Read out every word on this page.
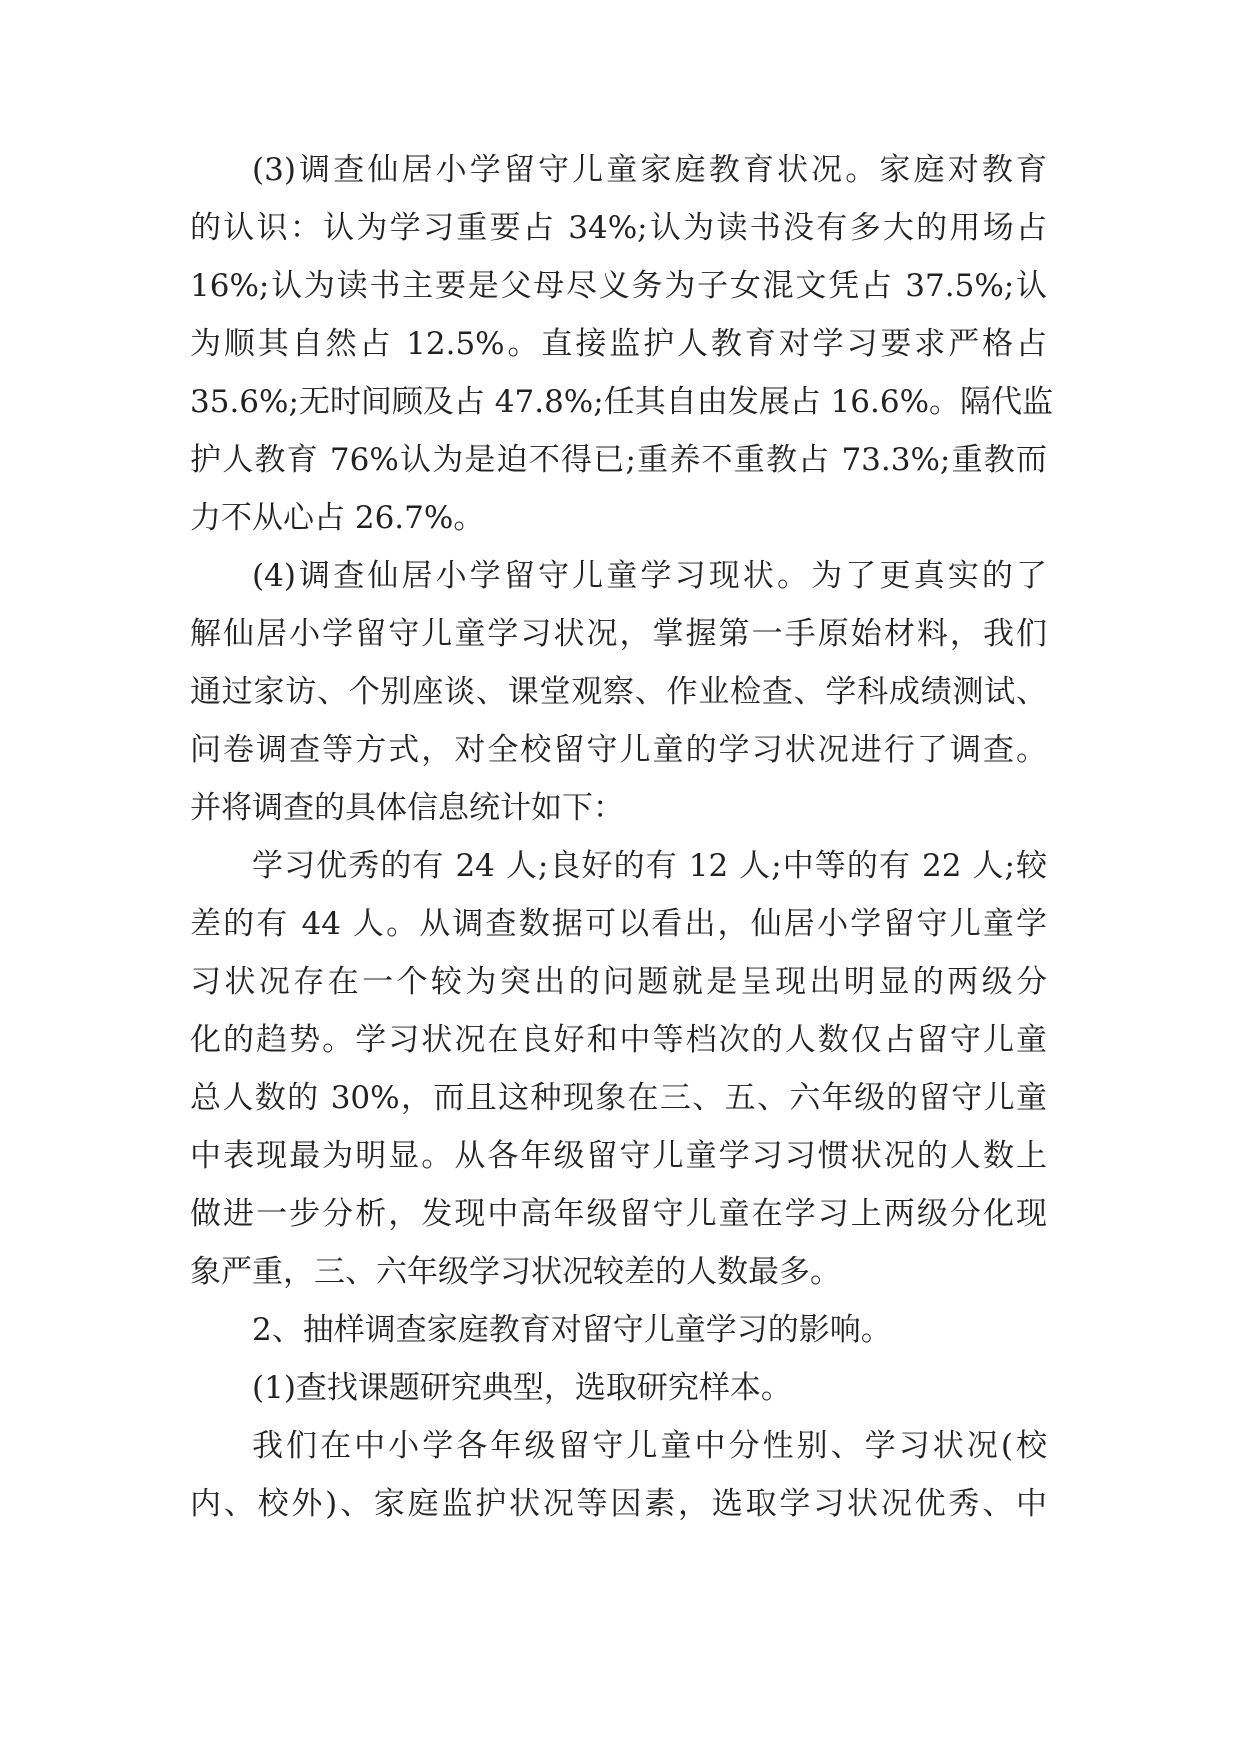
(3)调查仙居小学留守儿童家庭教育状况。家庭对教育
的认识：认为学习重要占 34%;认为读书没有多大的用场占
16%;认为读书主要是父母尽义务为子女混文凭占 37.5%;认
为顺其自然占 12.5%。直接监护人教育对学习要求严格占
35.6%;无时间顾及占 47.8%;任其自由发展占 16.6%。隔代监
护人教育 76%认为是迫不得已;重养不重教占 73.3%;重教而
力不从心占 26.7%。
(4)调查仙居小学留守儿童学习现状。为了更真实的了
解仙居小学留守儿童学习状况，掌握第一手原始材料，我们
通过家访、个别座谈、课堂观察、作业检查、学科成绩测试、
问卷调查等方式，对全校留守儿童的学习状况进行了调查。
并将调查的具体信息统计如下：
学习优秀的有 24 人;良好的有 12 人;中等的有 22 人;较
差的有 44 人。从调查数据可以看出，仙居小学留守儿童学
习状况存在一个较为突出的问题就是呈现出明显的两级分
化的趋势。学习状况在良好和中等档次的人数仅占留守儿童
总人数的 30%，而且这种现象在三、五、六年级的留守儿童
中表现最为明显。从各年级留守儿童学习习惯状况的人数上
做进一步分析，发现中高年级留守儿童在学习上两级分化现
象严重，三、六年级学习状况较差的人数最多。
2、抽样调查家庭教育对留守儿童学习的影响。
(1)查找课题研究典型，选取研究样本。
我们在中小学各年级留守儿童中分性别、学习状况(校
内、校外)、家庭监护状况等因素，选取学习状况优秀、中
